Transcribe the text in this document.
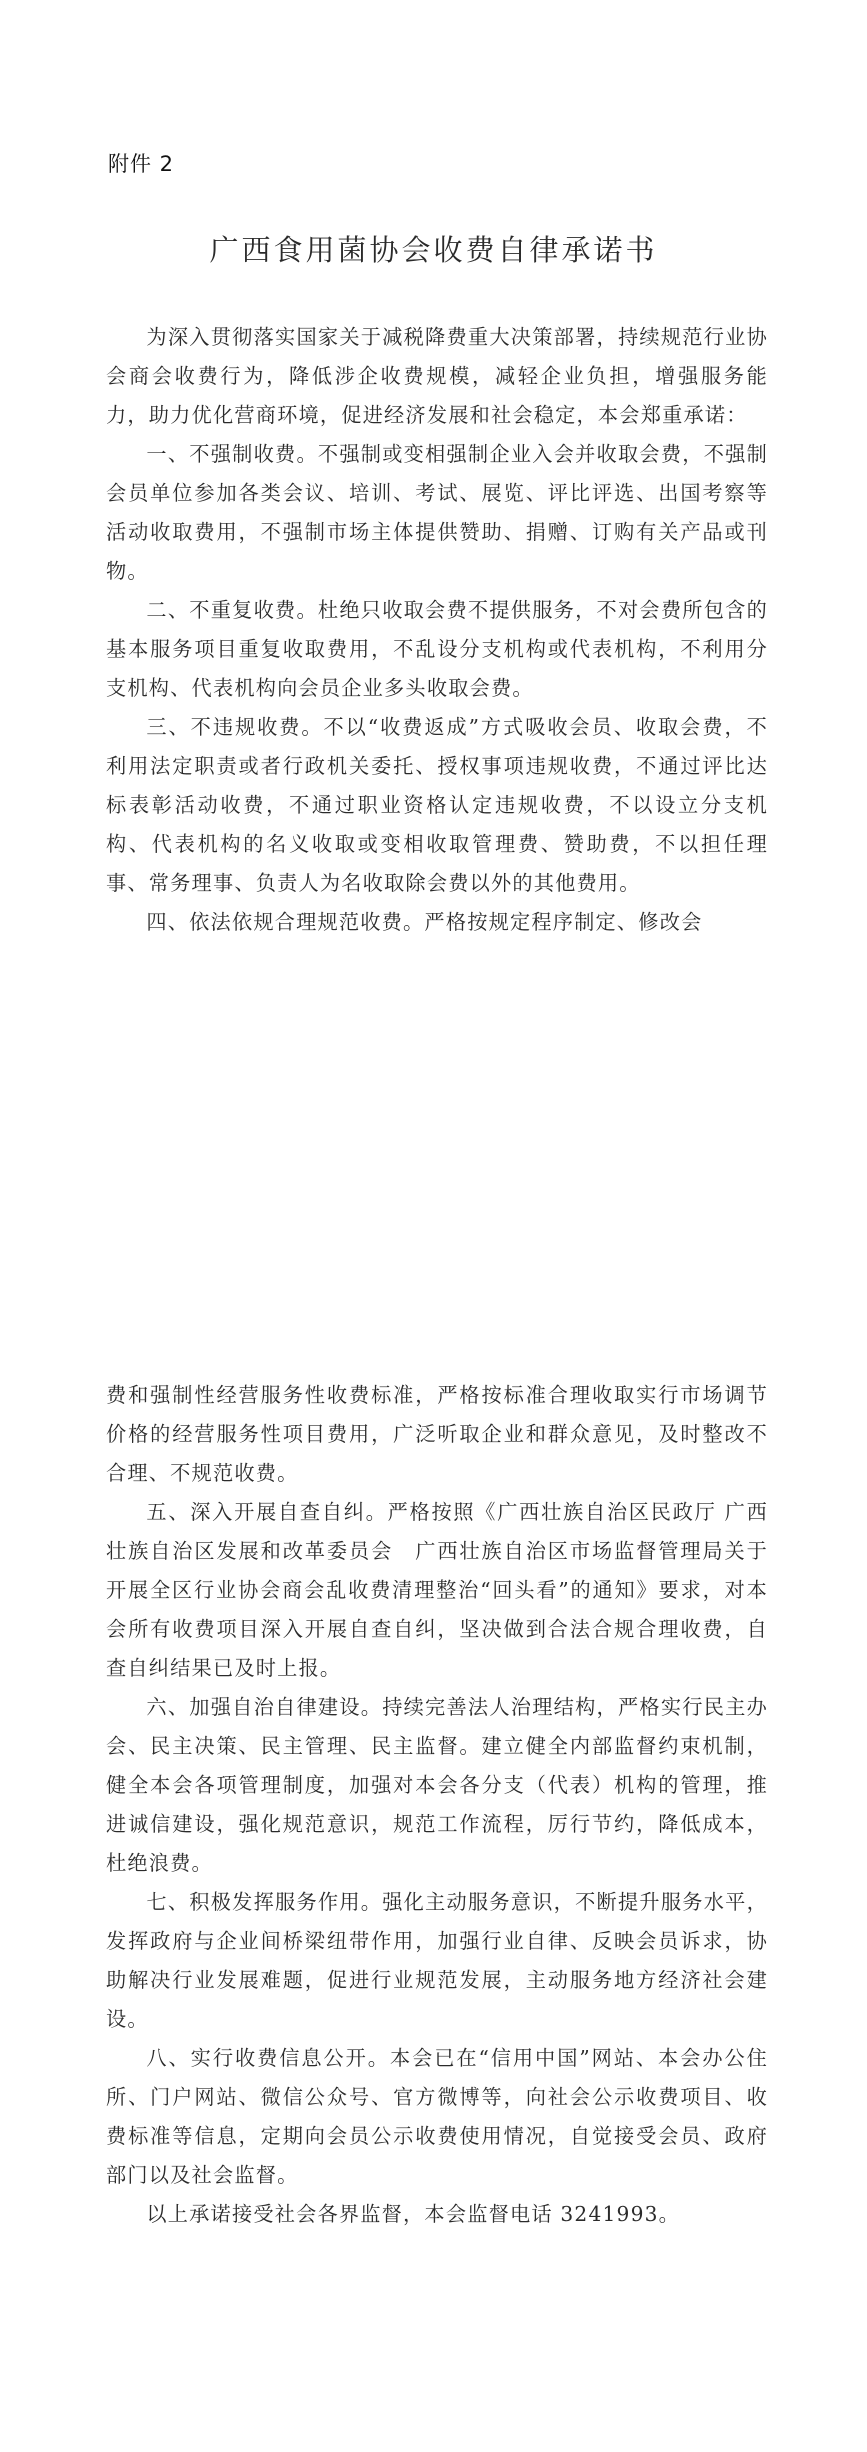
附件 2
广西食用菌协会收费自律承诺书

为深入贯彻落实国家关于减税降费重大决策部署，持续规范行业协会商会收费行为，降低涉企收费规模，减轻企业负担，增强服务能力，助力优化营商环境，促进经济发展和社会稳定，本会郑重承诺：

一、不强制收费。不强制或变相强制企业入会并收取会费，不强制会员单位参加各类会议、培训、考试、展览、评比评选、出国考察等活动收取费用，不强制市场主体提供赞助、捐赠、订购有关产品或刊物。

二、不重复收费。杜绝只收取会费不提供服务，不对会费所包含的基本服务项目重复收取费用，不乱设分支机构或代表机构，不利用分支机构、代表机构向会员企业多头收取会费。

三、不违规收费。不以“收费返成”方式吸收会员、收取会费，不利用法定职责或者行政机关委托、授权事项违规收费，不通过评比达标表彰活动收费，不通过职业资格认定违规收费，不以设立分支机构、代表机构的名义收取或变相收取管理费、赞助费，不以担任理事、常务理事、负责人为名收取除会费以外的其他费用。

四、依法依规合理规范收费。严格按规定程序制定、修改会

费和强制性经营服务性收费标准，严格按标准合理收取实行市场调节价格的经营服务性项目费用，广泛听取企业和群众意见，及时整改不合理、不规范收费。

五、深入开展自查自纠。严格按照《广西壮族自治区民政厅 广西壮族自治区发展和改革委员会　广西壮族自治区市场监督管理局关于开展全区行业协会商会乱收费清理整治“回头看”的通知》要求，对本会所有收费项目深入开展自查自纠，坚决做到合法合规合理收费，自查自纠结果已及时上报。

六、加强自治自律建设。持续完善法人治理结构，严格实行民主办会、民主决策、民主管理、民主监督。建立健全内部监督约束机制，健全本会各项管理制度，加强对本会各分支（代表）机构的管理，推进诚信建设，强化规范意识，规范工作流程，厉行节约，降低成本，杜绝浪费。

七、积极发挥服务作用。强化主动服务意识，不断提升服务水平，发挥政府与企业间桥梁纽带作用，加强行业自律、反映会员诉求，协助解决行业发展难题，促进行业规范发展，主动服务地方经济社会建设。

八、实行收费信息公开。本会已在“信用中国”网站、本会办公住所、门户网站、微信公众号、官方微博等，向社会公示收费项目、收费标准等信息，定期向会员公示收费使用情况，自觉接受会员、政府部门以及社会监督。

以上承诺接受社会各界监督，本会监督电话 3241993。
